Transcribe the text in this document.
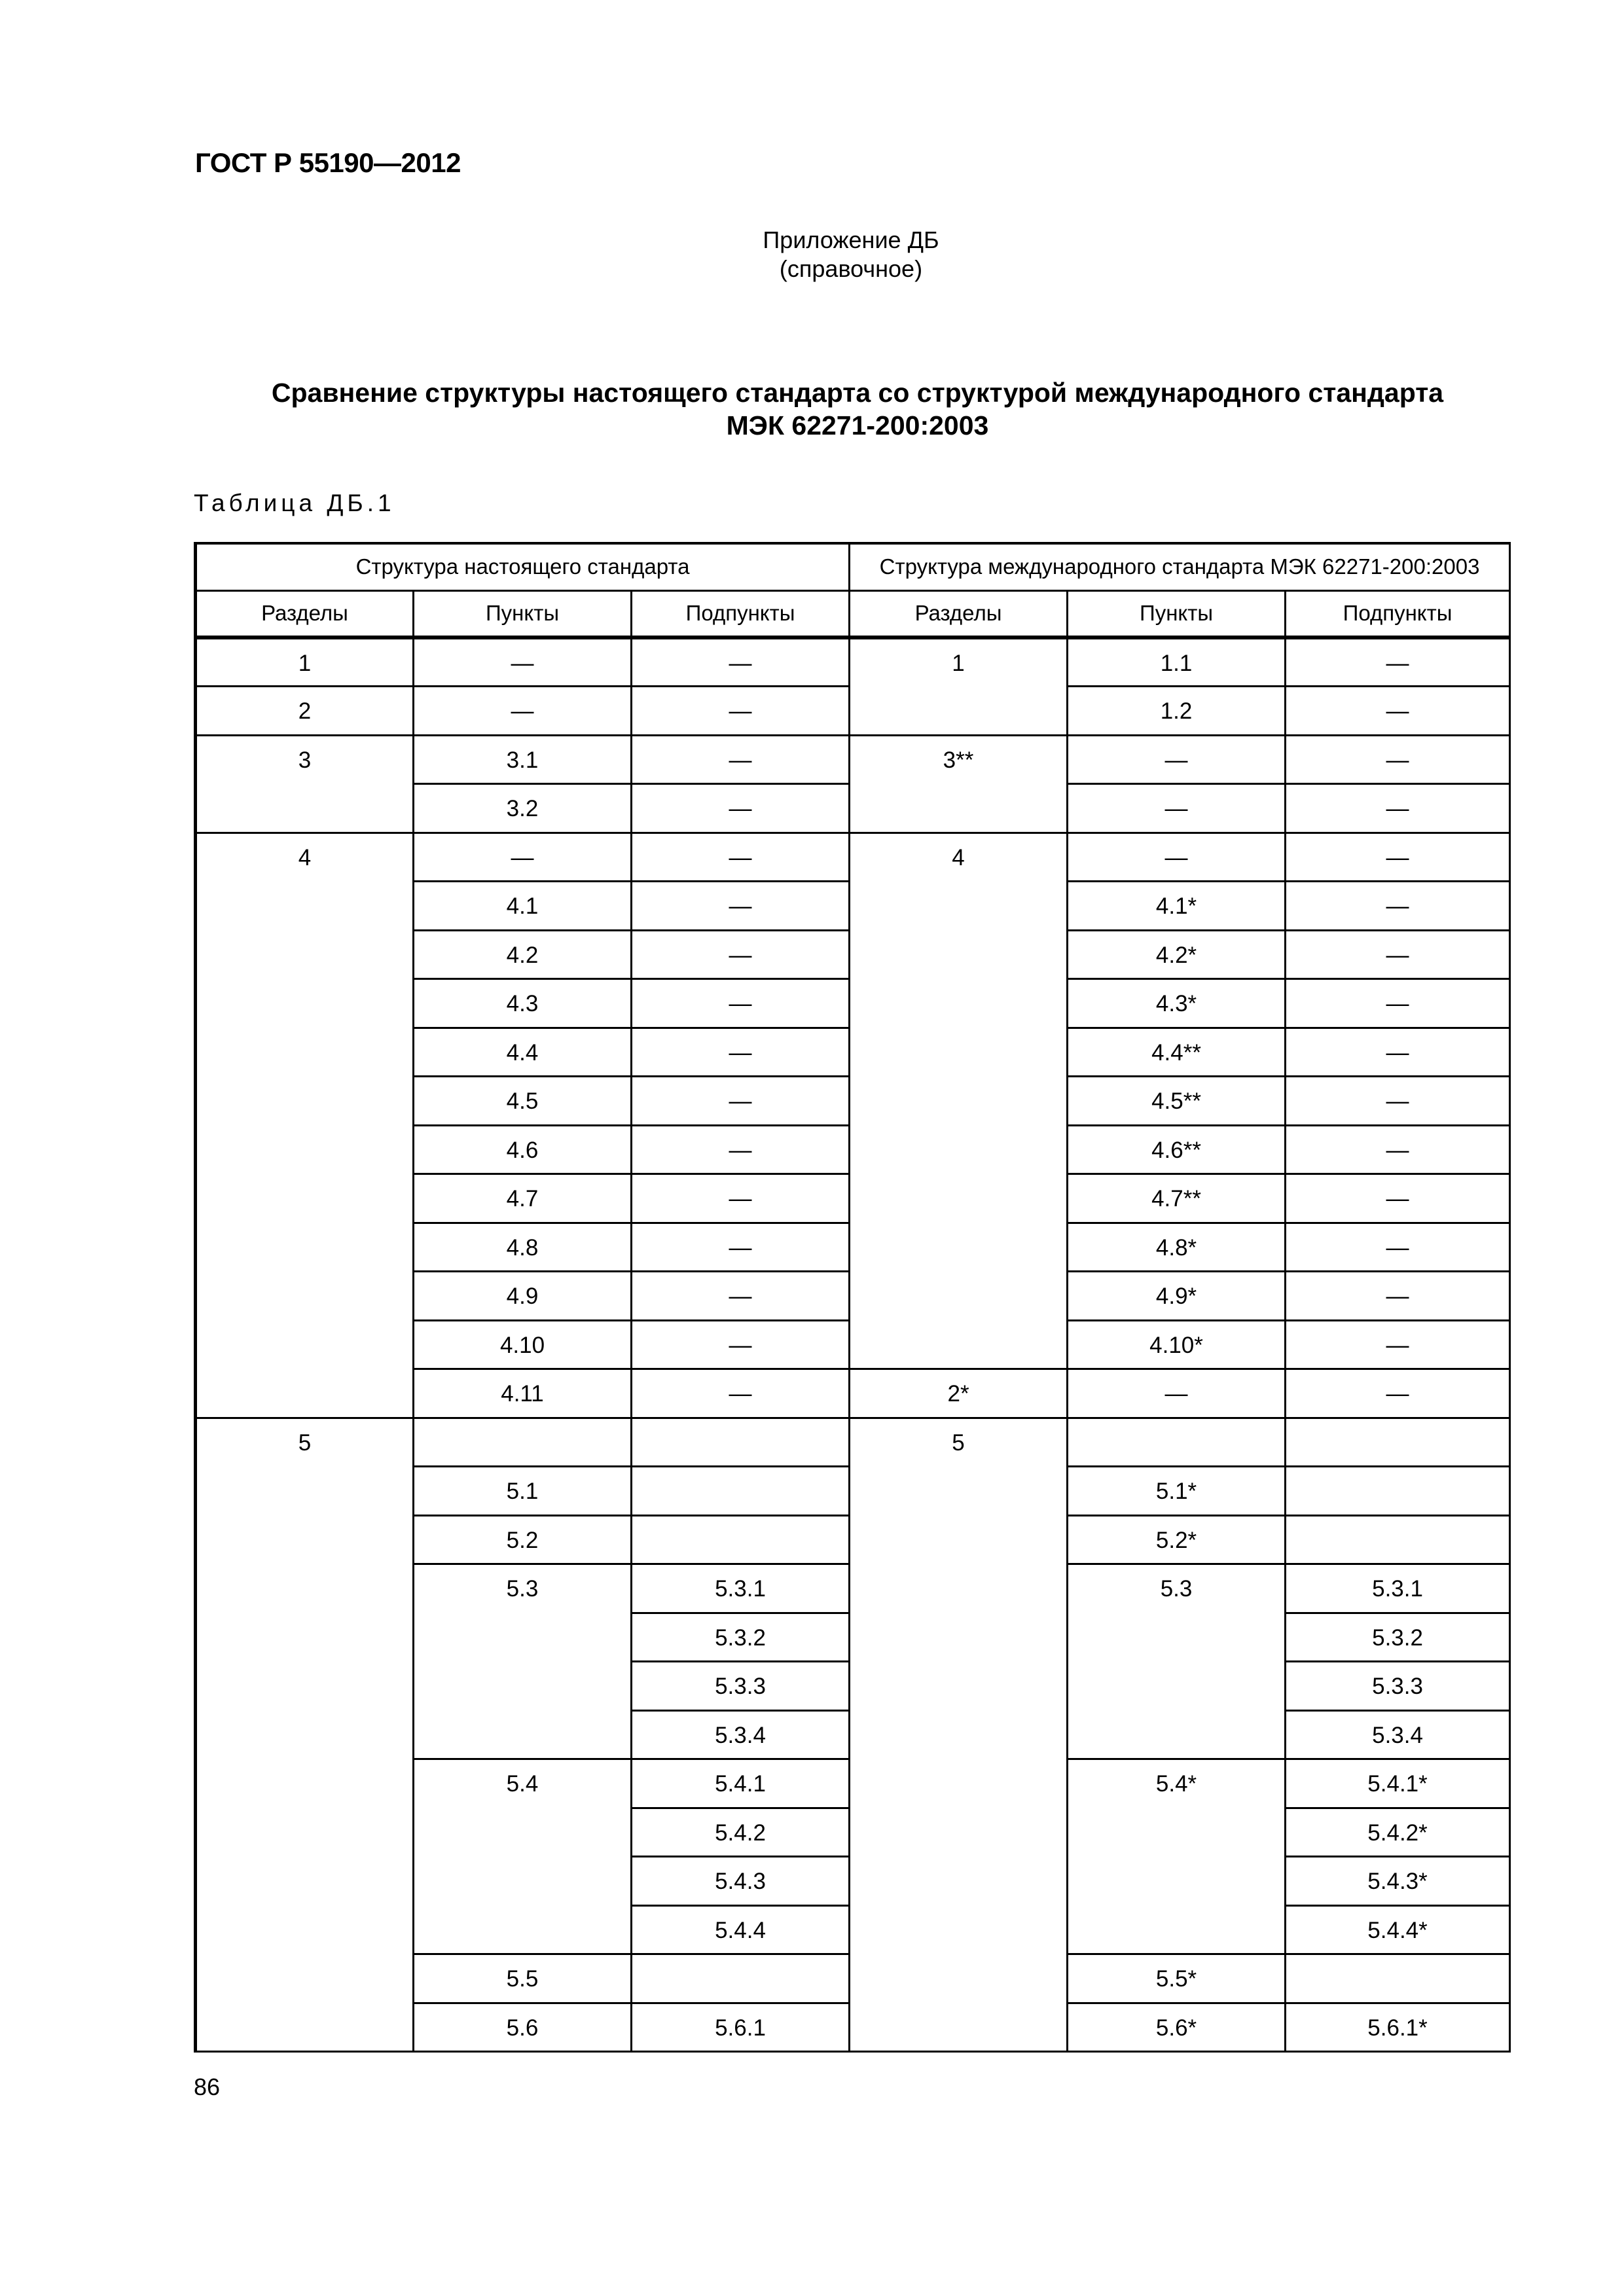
ГОСТ Р 55190—2012
Приложение ДБ
(справочное)
Сравнение структуры настоящего стандарта со структурой международного стандарта
МЭК 62271-200:2003
Таблица ДБ.1
Структура настоящего стандарта			Структура международного стандарта МЭК 62271-200:2003		
Разделы	Пункты	Подпункты	Разделы	Пункты	Подпункты
1	—	—	1	1.1	—
2	—	—		1.2	—
3	3.1	—	3**	—	—
	3.2	—		—	—
4	—	—	4	—	—
	4.1	—		4.1*	—
	4.2	—		4.2*	—
	4.3	—		4.3*	—
	4.4	—		4.4**	—
	4.5	—		4.5**	—
	4.6	—		4.6**	—
	4.7	—		4.7**	—
	4.8	—		4.8*	—
	4.9	—		4.9*	—
	4.10	—		4.10*	—
	4.11	—	2*	—	—
5			5		
	5.1			5.1*	
	5.2			5.2*	
	5.3	5.3.1		5.3	5.3.1
		5.3.2			5.3.2
		5.3.3			5.3.3
		5.3.4			5.3.4
	5.4	5.4.1		5.4*	5.4.1*
		5.4.2			5.4.2*
		5.4.3			5.4.3*
		5.4.4			5.4.4*
	5.5			5.5*	
	5.6	5.6.1		5.6*	5.6.1*
86
